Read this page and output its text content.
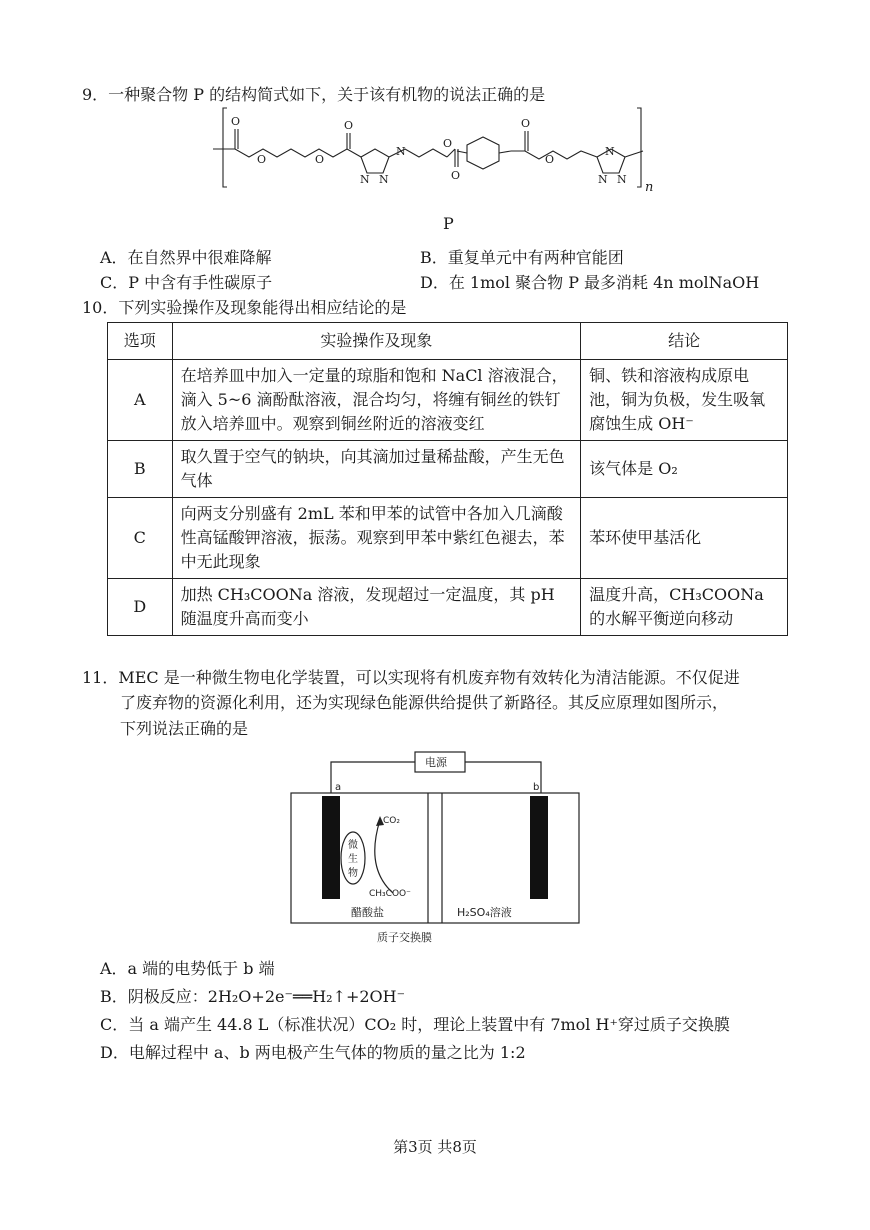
9．一种聚合物 P 的结构简式如下，关于该有机物的说法正确的是
O
O	O
O
N
N N
O
O
O
O
N
N N
n
P
A．在自然界中很难降解	B．重复单元中有两种官能团
C．P 中含有手性碳原子	D．在 1mol 聚合物 P 最多消耗 4n molNaOH
10．下列实验操作及现象能得出相应结论的是
选项	实验操作及现象	结论
A	在培养皿中加入一定量的琼脂和饱和 NaCl 溶液混合，滴入 5~6 滴酚酞溶液，混合均匀，将缠有铜丝的铁钉放入培养皿中。观察到铜丝附近的溶液变红	铜、铁和溶液构成原电池，铜为负极，发生吸氧腐蚀生成 OH⁻
B	取久置于空气的钠块，向其滴加过量稀盐酸，产生无色气体	该气体是 O₂
C	向两支分别盛有 2mL 苯和甲苯的试管中各加入几滴酸性高锰酸钾溶液，振荡。观察到甲苯中紫红色褪去，苯中无此现象	苯环使甲基活化
D	加热 CH₃COONa 溶液，发现超过一定温度，其 pH 随温度升高而变小	温度升高，CH₃COONa 的水解平衡逆向移动
11．MEC 是一种微生物电化学装置，可以实现将有机废弃物有效转化为清洁能源。不仅促进
了废弃物的资源化利用，还为实现绿色能源供给提供了新路径。其反应原理如图所示，
下列说法正确的是
电源
a	b
CO₂
微
生
物
CH₃COO⁻
醋酸盐	H₂SO₄溶液
质子交换膜
A．a 端的电势低于 b 端
B．阴极反应：2H₂O+2e⁻══H₂↑+2OH⁻
C．当 a 端产生 44.8 L（标准状况）CO₂ 时，理论上装置中有 7mol H⁺穿过质子交换膜
D．电解过程中 a、b 两电极产生气体的物质的量之比为 1:2
第3页 共8页
